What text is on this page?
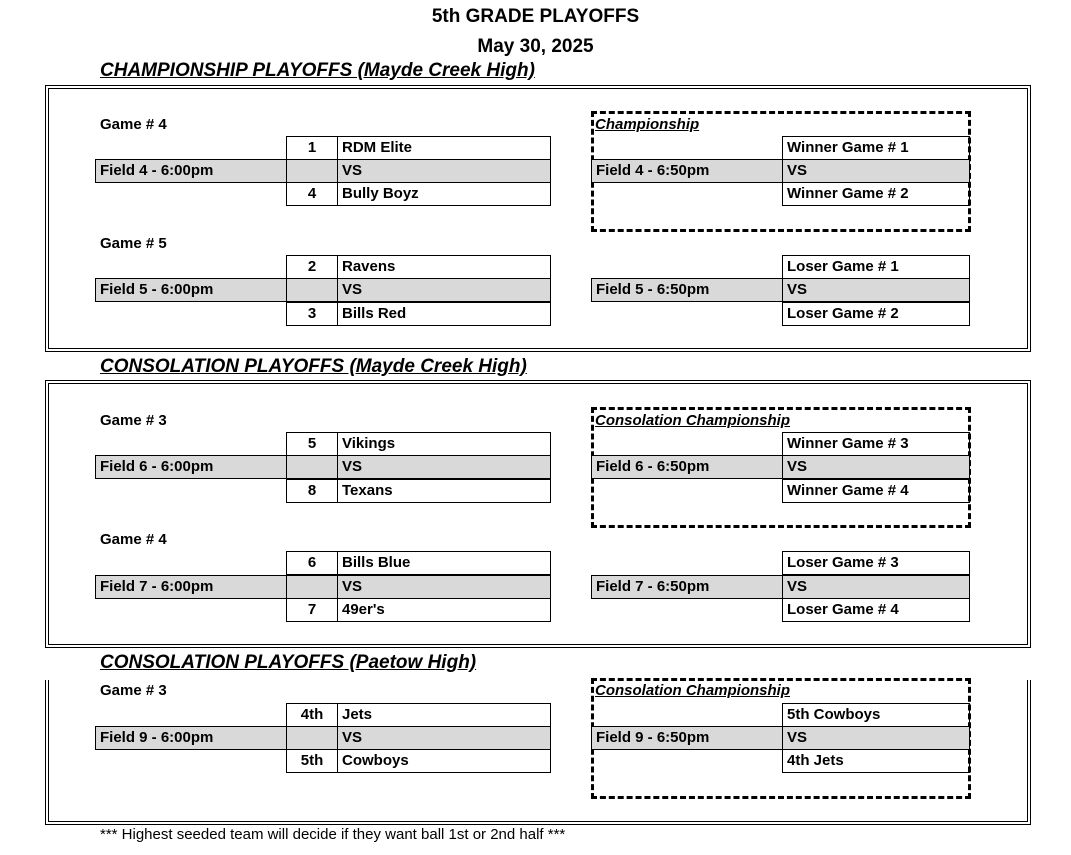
5th GRADE PLAYOFFS
May 30, 2025
CHAMPIONSHIP PLAYOFFS (Mayde Creek High)
Game # 4
1	RDM Elite
Field 4 - 6:00pm	VS
4	Bully Boyz
Game # 5
2	Ravens
Field 5 - 6:00pm	VS
3	Bills Red
Championship
Winner Game # 1
Field 4 - 6:50pm	VS
Winner Game # 2
Loser Game # 1
Field 5 - 6:50pm	VS
Loser Game # 2
CONSOLATION PLAYOFFS (Mayde Creek High)
Game # 3
5	Vikings
Field 6 - 6:00pm	VS
8	Texans
Game # 4
6	Bills Blue
Field 7 - 6:00pm	VS
7	49er's
Consolation Championship
Winner Game # 3
Field 6 - 6:50pm	VS
Winner Game # 4
Loser Game # 3
Field 7 - 6:50pm	VS
Loser Game # 4
CONSOLATION PLAYOFFS (Paetow High)
Game # 3
4th	Jets
Field 9 - 6:00pm	VS
5th	Cowboys
Consolation Championship
5th Cowboys
Field 9 - 6:50pm	VS
4th Jets
*** Highest seeded team will decide if they want ball 1st or 2nd half ***
